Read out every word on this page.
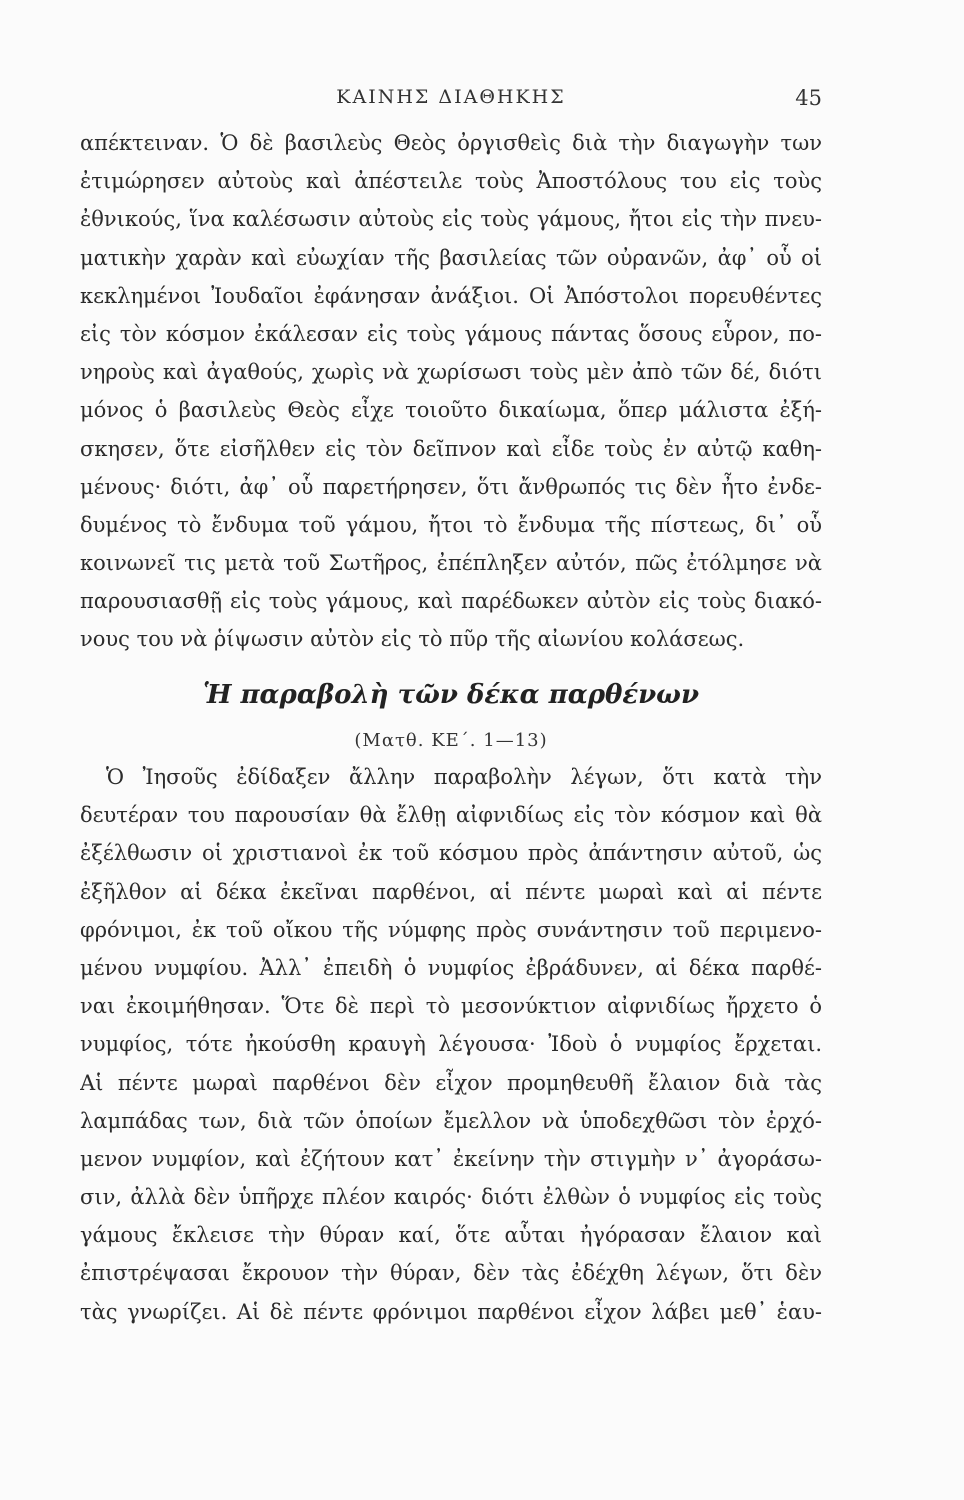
ΚΑΙΝΗΣ ΔΙΑΘΗΚΗΣ	45
απέκτειναν. Ὁ δὲ βασιλεὺς Θεὸς ὀργισθεὶς διὰ τὴν διαγωγὴν των
ἐτιμώρησεν αὐτοὺς καὶ ἀπέστειλε τοὺς Ἀποστόλους του εἰς τοὺς
ἐθνικούς, ἵνα καλέσωσιν αὐτοὺς εἰς τοὺς γάμους, ἤτοι εἰς τὴν πνευ-
ματικὴν χαρὰν καὶ εὐωχίαν τῆς βασιλείας τῶν οὐρανῶν, ἀφ᾽ οὗ οἱ
κεκλημένοι Ἰουδαῖοι ἐφάνησαν ἀνάξιοι. Οἱ Ἀπόστολοι πορευθέντες
εἰς τὸν κόσμον ἐκάλεσαν εἰς τοὺς γάμους πάντας ὅσους εὗρον, πο-
νηροὺς καὶ ἀγαθούς, χωρὶς νὰ χωρίσωσι τοὺς μὲν ἀπὸ τῶν δέ, διότι
μόνος ὁ βασιλεὺς Θεὸς εἶχε τοιοῦτο δικαίωμα, ὅπερ μάλιστα ἐξή-
σκησεν, ὅτε εἰσῆλθεν εἰς τὸν δεῖπνον καὶ εἶδε τοὺς ἐν αὐτῷ καθη-
μένους· διότι, ἀφ᾽ οὗ παρετήρησεν, ὅτι ἄνθρωπός τις δὲν ἦτο ἐνδε-
δυμένος τὸ ἔνδυμα τοῦ γάμου, ἤτοι τὸ ἔνδυμα τῆς πίστεως, δι᾽ οὗ
κοινωνεῖ τις μετὰ τοῦ Σωτῆρος, ἐπέπληξεν αὐτόν, πῶς ἐτόλμησε νὰ
παρουσιασθῇ εἰς τοὺς γάμους, καὶ παρέδωκεν αὐτὸν εἰς τοὺς διακό-
νους του νὰ ῥίψωσιν αὐτὸν εἰς τὸ πῦρ τῆς αἰωνίου κολάσεως.
Ἡ παραβολὴ τῶν δέκα παρθένων
(Ματθ. ΚΕ΄. 1—13)
Ὁ Ἰησοῦς ἐδίδαξεν ἄλλην παραβολὴν λέγων, ὅτι κατὰ τὴν
δευτέραν του παρουσίαν θὰ ἔλθῃ αἰφνιδίως εἰς τὸν κόσμον καὶ θὰ
ἐξέλθωσιν οἱ χριστιανοὶ ἐκ τοῦ κόσμου πρὸς ἀπάντησιν αὐτοῦ, ὡς
ἐξῆλθον αἱ δέκα ἐκεῖναι παρθένοι, αἱ πέντε μωραὶ καὶ αἱ πέντε
φρόνιμοι, ἐκ τοῦ οἴκου τῆς νύμφης πρὸς συνάντησιν τοῦ περιμενο-
μένου νυμφίου. Ἀλλ᾽ ἐπειδὴ ὁ νυμφίος ἐβράδυνεν, αἱ δέκα παρθέ-
ναι ἐκοιμήθησαν. Ὅτε δὲ περὶ τὸ μεσονύκτιον αἰφνιδίως ἤρχετο ὁ
νυμφίος, τότε ἠκούσθη κραυγὴ λέγουσα· Ἰδοὺ ὁ νυμφίος ἔρχεται.
Αἱ πέντε μωραὶ παρθένοι δὲν εἶχον προμηθευθῆ ἔλαιον διὰ τὰς
λαμπάδας των, διὰ τῶν ὁποίων ἔμελλον νὰ ὑποδεχθῶσι τὸν ἐρχό-
μενον νυμφίον, καὶ ἐζήτουν κατ᾽ ἐκείνην τὴν στιγμὴν ν᾽ ἀγοράσω-
σιν, ἀλλὰ δὲν ὑπῆρχε πλέον καιρός· διότι ἐλθὼν ὁ νυμφίος εἰς τοὺς
γάμους ἔκλεισε τὴν θύραν καί, ὅτε αὗται ἠγόρασαν ἔλαιον καὶ
ἐπιστρέψασαι ἔκρουον τὴν θύραν, δὲν τὰς ἐδέχθη λέγων, ὅτι δὲν
τὰς γνωρίζει. Αἱ δὲ πέντε φρόνιμοι παρθένοι εἶχον λάβει μεθ᾽ ἑαυ-
